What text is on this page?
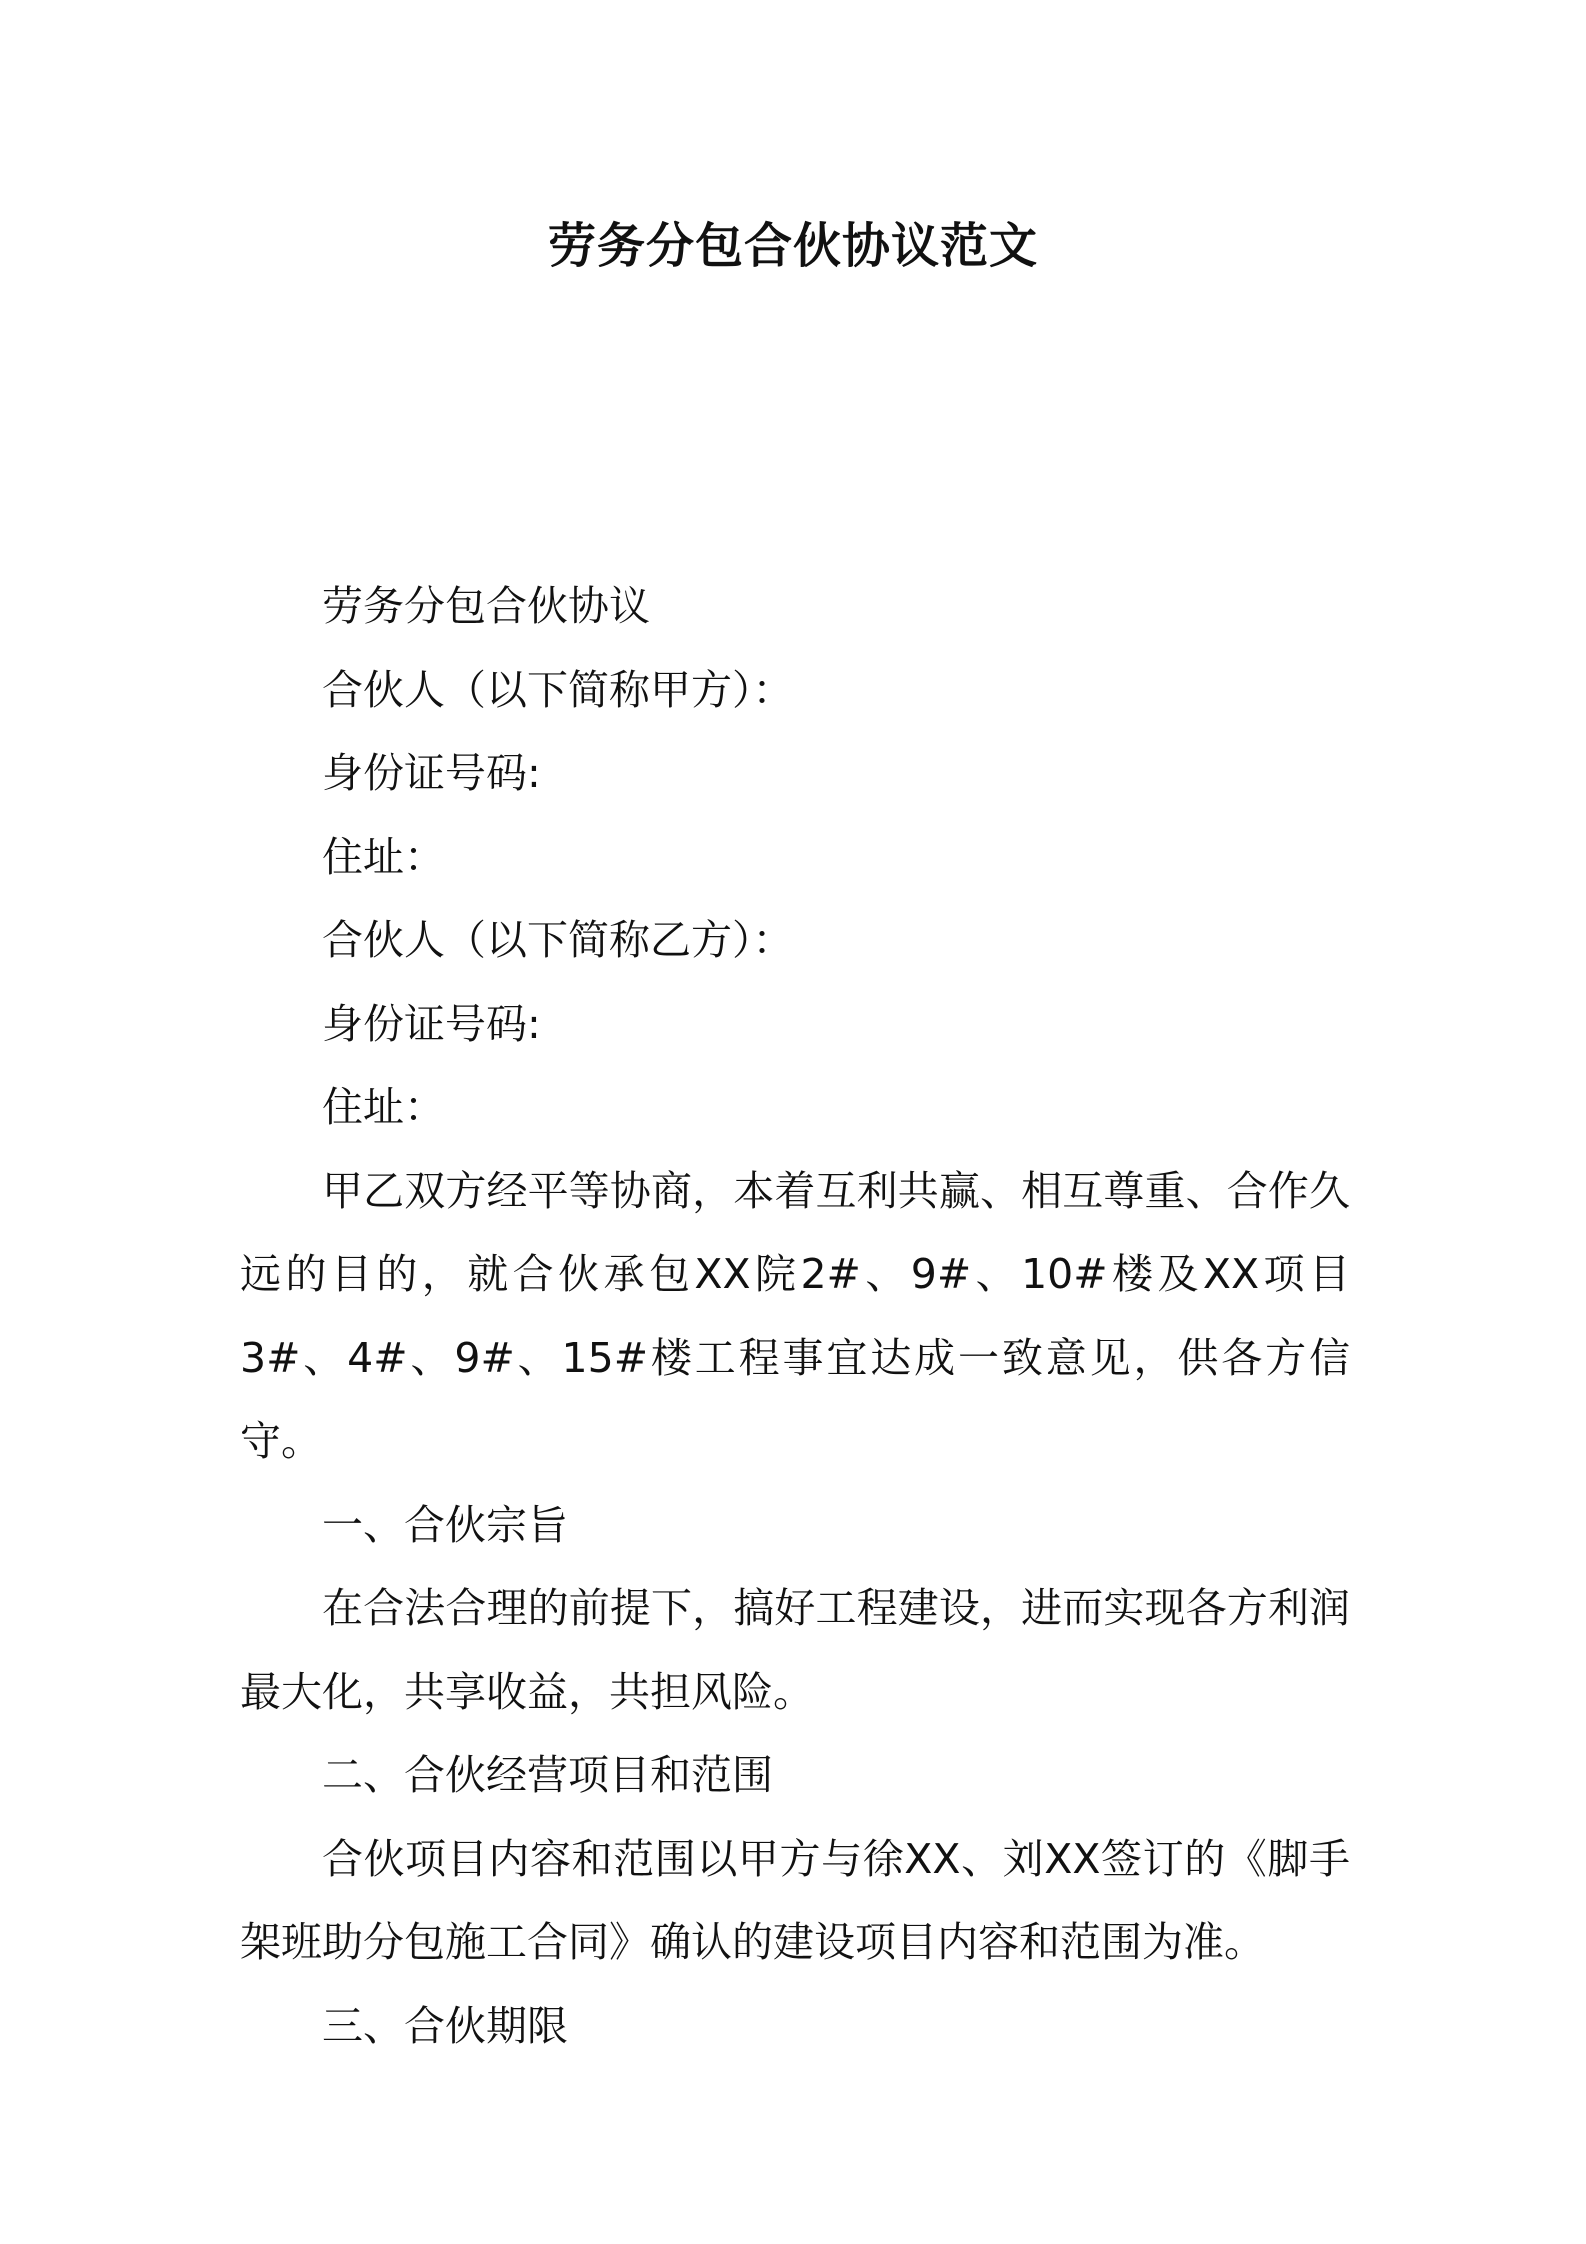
劳务分包合伙协议范文

劳务分包合伙协议

合伙人（以下简称甲方）：

身份证号码:

住址：

合伙人（以下简称乙方）：

身份证号码:

住址：

甲乙双方经平等协商，本着互利共赢、相互尊重、合作久远的目的，就合伙承包XX院2#、9#、10#楼及XX项目3#、4#、9#、15#楼工程事宜达成一致意见，供各方信守。

一、合伙宗旨

在合法合理的前提下，搞好工程建设，进而实现各方利润最大化，共享收益，共担风险。

二、合伙经营项目和范围

合伙项目内容和范围以甲方与徐XX、刘XX签订的《脚手架班助分包施工合同》确认的建设项目内容和范围为准。

三、合伙期限
